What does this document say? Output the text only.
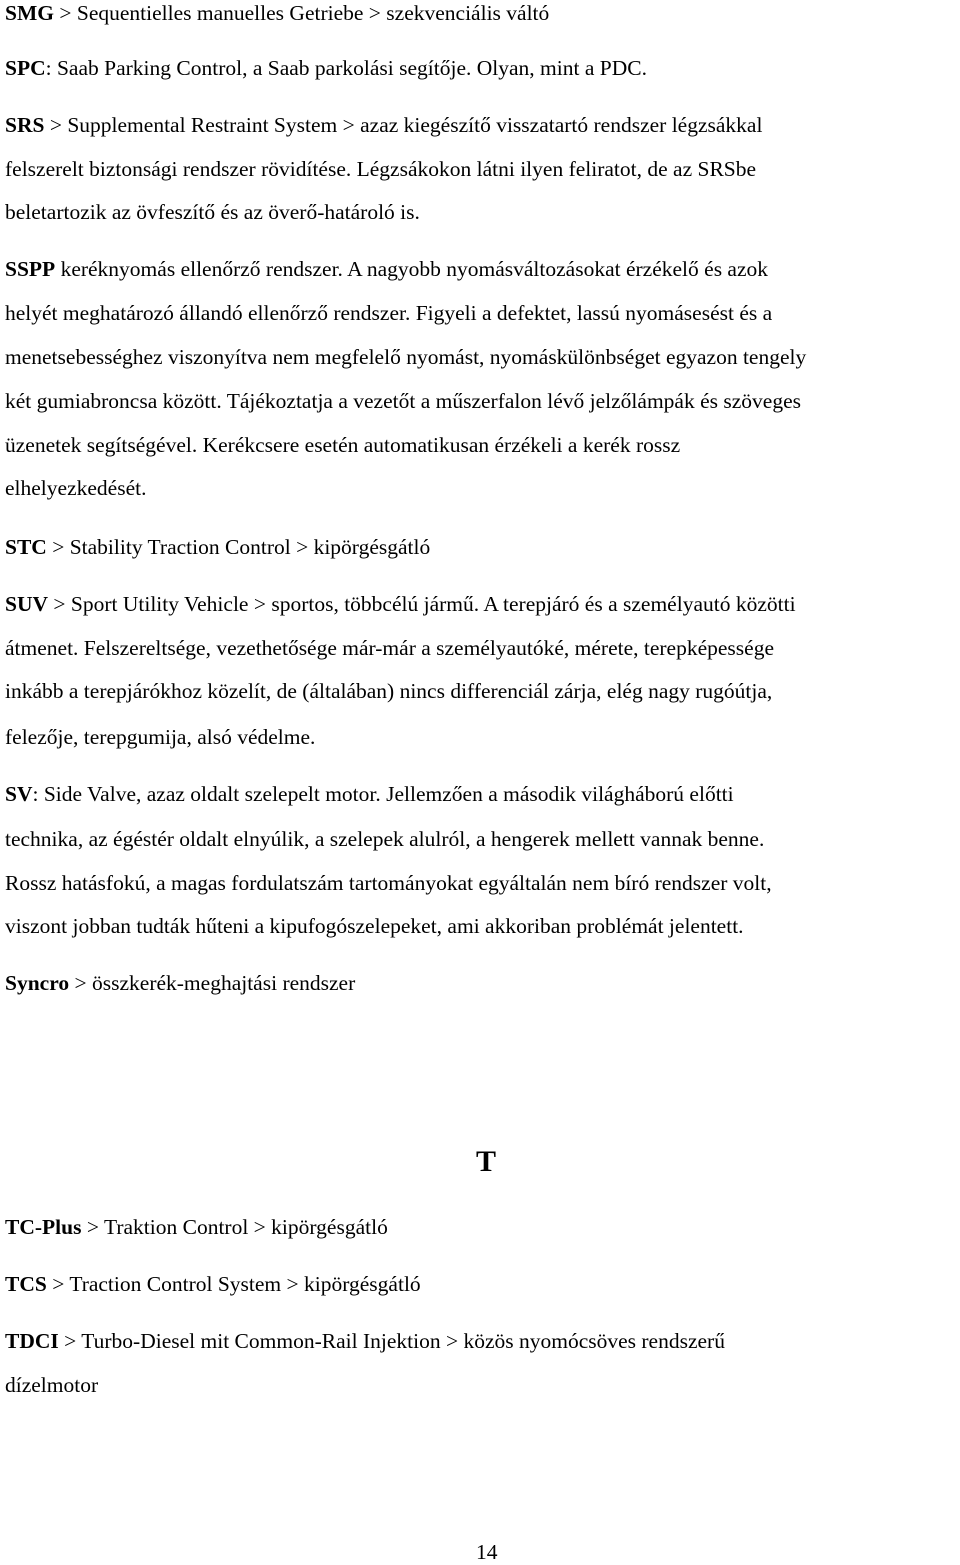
SMG > Sequentielles manuelles Getriebe > szekvenciális váltó
SPC: Saab Parking Control, a Saab parkolási segítője. Olyan, mint a PDC.
SRS > Supplemental Restraint System > azaz kiegészítő visszatartó rendszer légzsákkal
felszerelt biztonsági rendszer rövidítése. Légzsákokon látni ilyen feliratot, de az SRSbe
beletartozik az övfeszítő és az överő-határoló is.
SSPP keréknyomás ellenőrző rendszer. A nagyobb nyomásváltozásokat érzékelő és azok
helyét meghatározó állandó ellenőrző rendszer. Figyeli a defektet, lassú nyomásesést és a
menetsebességhez viszonyítva nem megfelelő nyomást, nyomáskülönbséget egyazon tengely
két gumiabroncsa között. Tájékoztatja a vezetőt a műszerfalon lévő jelzőlámpák és szöveges
üzenetek segítségével. Kerékcsere esetén automatikusan érzékeli a kerék rossz
elhelyezkedését.
STC > Stability Traction Control > kipörgésgátló
SUV > Sport Utility Vehicle > sportos, többcélú jármű. A terepjáró és a személyautó közötti
átmenet. Felszereltsége, vezethetősége már-már a személyautóké, mérete, terepképessége
inkább a terepjárókhoz közelít, de (általában) nincs differenciál zárja, elég nagy rugóútja,
felezője, terepgumija, alsó védelme.
SV: Side Valve, azaz oldalt szelepelt motor. Jellemzően a második világháború előtti
technika, az égéstér oldalt elnyúlik, a szelepek alulról, a hengerek mellett vannak benne.
Rossz hatásfokú, a magas fordulatszám tartományokat egyáltalán nem bíró rendszer volt,
viszont jobban tudták hűteni a kipufogószelepeket, ami akkoriban problémát jelentett.
Syncro > összkerék-meghajtási rendszer
T
TC-Plus > Traktion Control > kipörgésgátló
TCS > Traction Control System > kipörgésgátló
TDCI > Turbo-Diesel mit Common-Rail Injektion > közös nyomócsöves rendszerű
dízelmotor
14
